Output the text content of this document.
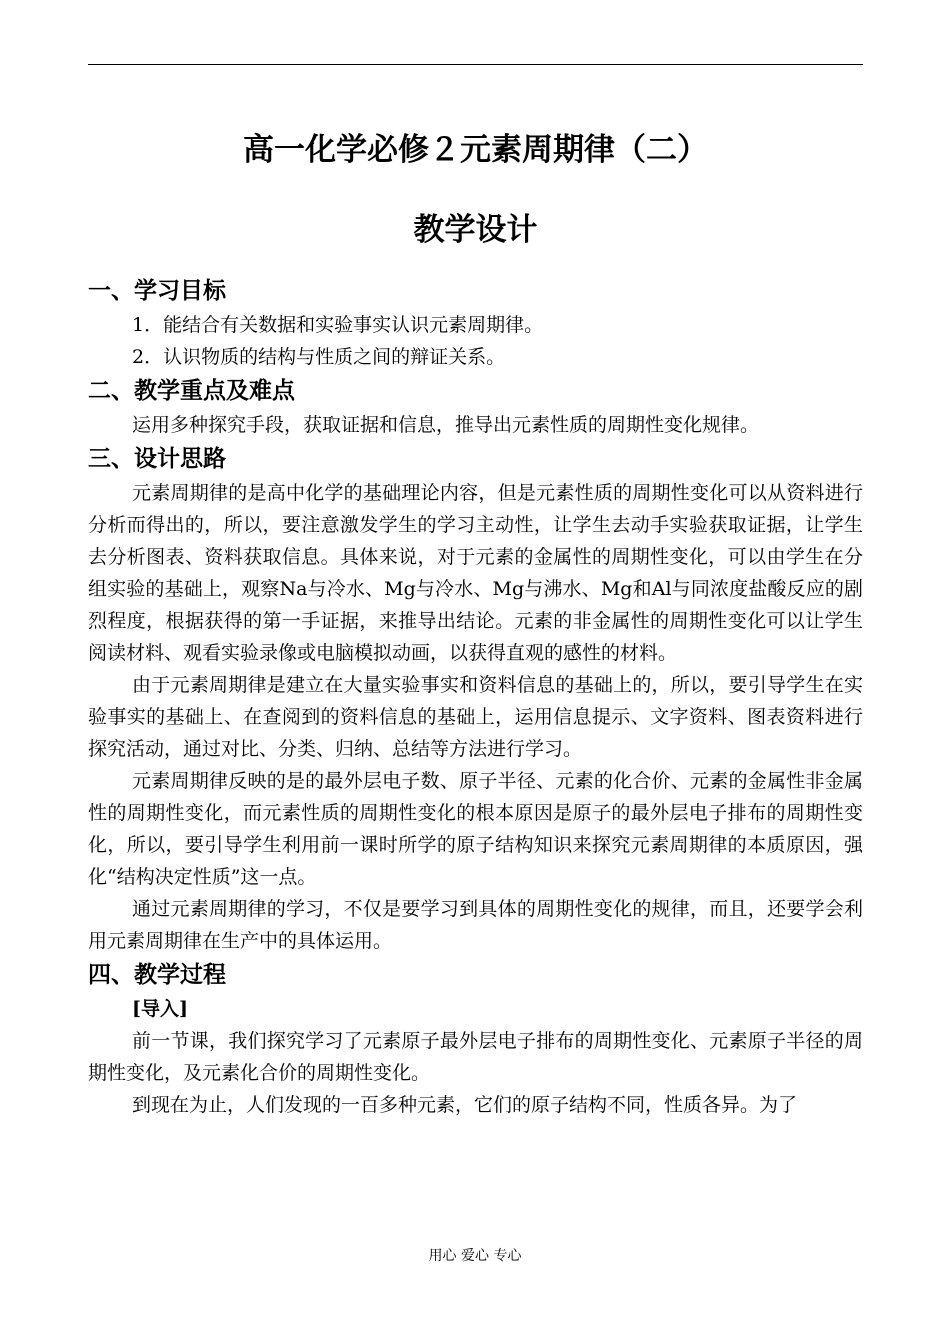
高一化学必修２元素周期律（二）
教学设计
一、学习目标

1．能结合有关数据和实验事实认识元素周期律。

2．认识物质的结构与性质之间的辩证关系。

二、教学重点及难点

运用多种探究手段，获取证据和信息，推导出元素性质的周期性变化规律。

三、设计思路

元素周期律的是高中化学的基础理论内容，但是元素性质的周期性变化可以从资料进行分析而得出的，所以，要注意激发学生的学习主动性，让学生去动手实验获取证据，让学生去分析图表、资料获取信息。具体来说，对于元素的金属性的周期性变化，可以由学生在分组实验的基础上，观察Na与冷水、Mg与冷水、Mg与沸水、Mg和Al与同浓度盐酸反应的剧烈程度，根据获得的第一手证据，来推导出结论。元素的非金属性的周期性变化可以让学生阅读材料、观看实验录像或电脑模拟动画，以获得直观的感性的材料。

由于元素周期律是建立在大量实验事实和资料信息的基础上的，所以，要引导学生在实验事实的基础上、在查阅到的资料信息的基础上，运用信息提示、文字资料、图表资料进行探究活动，通过对比、分类、归纳、总结等方法进行学习。

元素周期律反映的是的最外层电子数、原子半径、元素的化合价、元素的金属性非金属性的周期性变化，而元素性质的周期性变化的根本原因是原子的最外层电子排布的周期性变化，所以，要引导学生利用前一课时所学的原子结构知识来探究元素周期律的本质原因，强化“结构决定性质”这一点。

通过元素周期律的学习，不仅是要学习到具体的周期性变化的规律，而且，还要学会利用元素周期律在生产中的具体运用。

四、教学过程

[导入]

前一节课，我们探究学习了元素原子最外层电子排布的周期性变化、元素原子半径的周期性变化，及元素化合价的周期性变化。

到现在为止，人们发现的一百多种元素，它们的原子结构不同，性质各异。为了

用心 爱心 专心
